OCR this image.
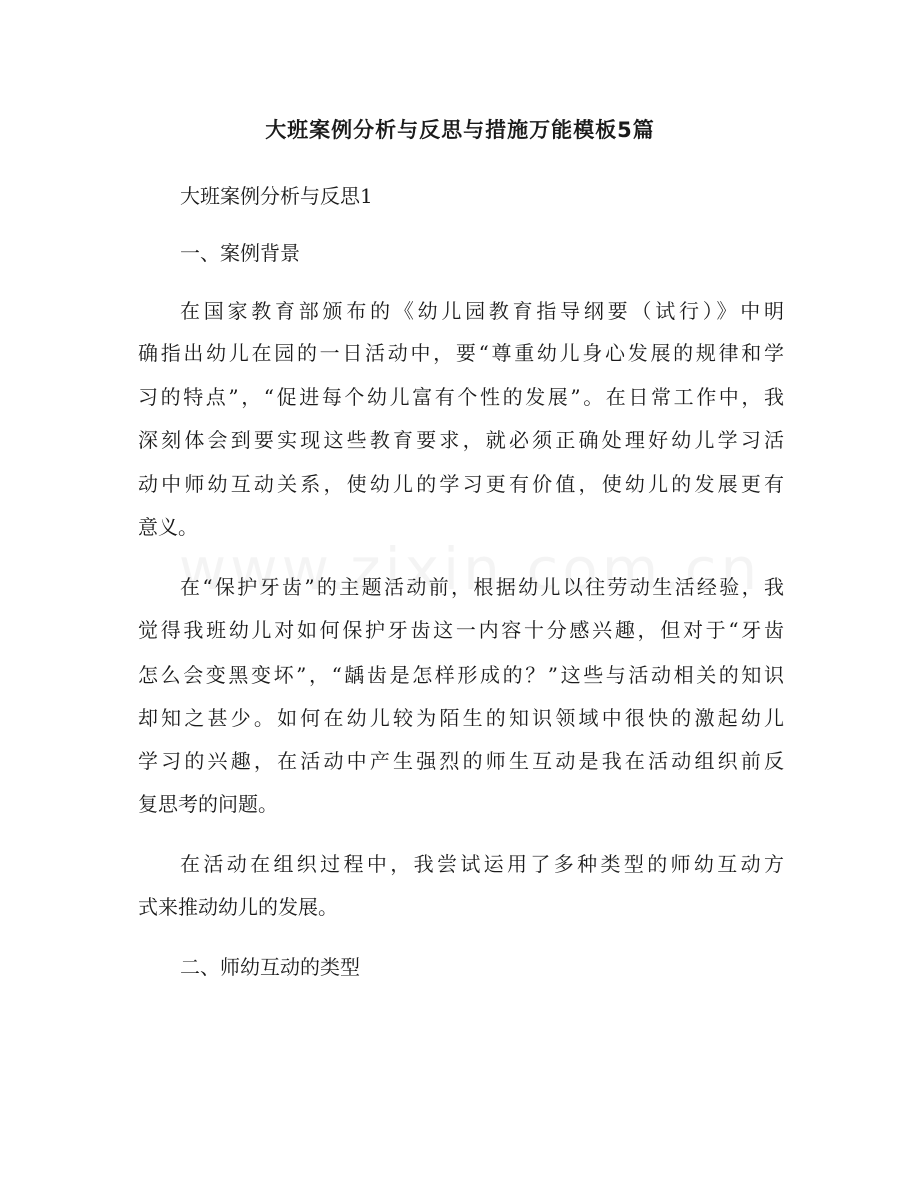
大班案例分析与反思与措施万能模板5篇
大班案例分析与反思1
一、案例背景
在国家教育部颁布的《幼儿园教育指导纲要（试行）》中明
确指出幼儿在园的一日活动中，要“尊重幼儿身心发展的规律和学
习的特点”，“促进每个幼儿富有个性的发展”。在日常工作中，我
深刻体会到要实现这些教育要求，就必须正确处理好幼儿学习活
动中师幼互动关系，使幼儿的学习更有价值，使幼儿的发展更有
意义。
在“保护牙齿”的主题活动前，根据幼儿以往劳动生活经验，我
觉得我班幼儿对如何保护牙齿这一内容十分感兴趣，但对于“牙齿
怎么会变黑变坏”，“龋齿是怎样形成的？”这些与活动相关的知识
却知之甚少。如何在幼儿较为陌生的知识领域中很快的激起幼儿
学习的兴趣，在活动中产生强烈的师生互动是我在活动组织前反
复思考的问题。
在活动在组织过程中，我尝试运用了多种类型的师幼互动方
式来推动幼儿的发展。
二、师幼互动的类型
